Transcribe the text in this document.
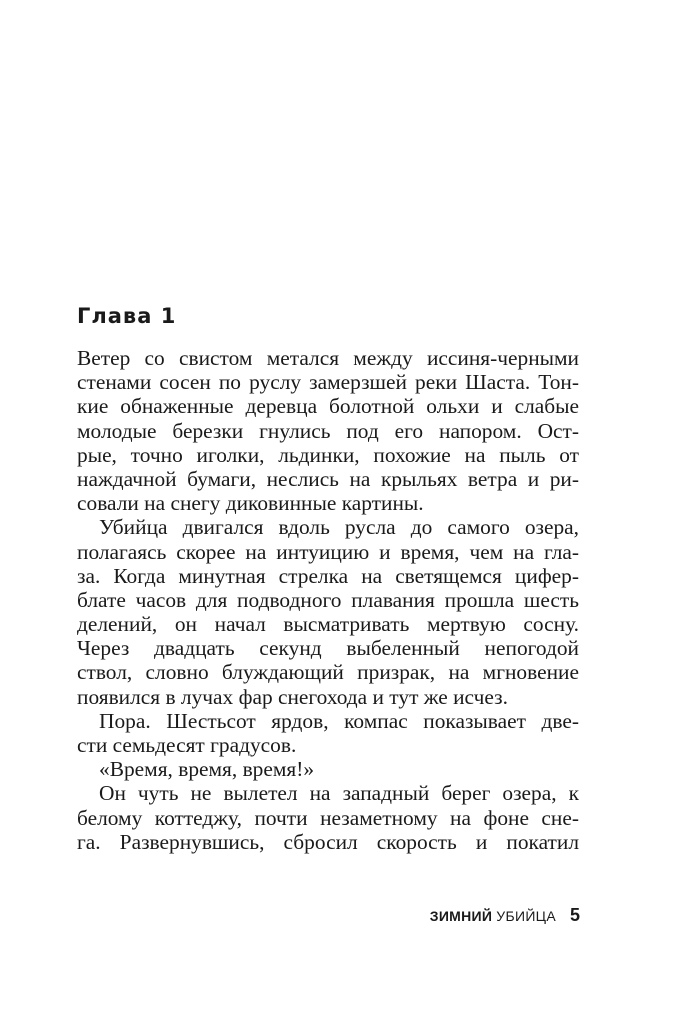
Глава 1
Ветер со свистом метался между иссиня-черными
стенами сосен по руслу замерзшей реки Шаста. Тон-
кие обнаженные деревца болотной ольхи и слабые
молодые березки гнулись под его напором. Ост-
рые, точно иголки, льдинки, похожие на пыль от
наждачной бумаги, неслись на крыльях ветра и ри-
совали на снегу диковинные картины.
Убийца двигался вдоль русла до самого озера,
полагаясь скорее на интуицию и время, чем на гла-
за. Когда минутная стрелка на светящемся цифер-
блате часов для подводного плавания прошла шесть
делений, он начал высматривать мертвую сосну.
Через двадцать секунд выбеленный непогодой
ствол, словно блуждающий призрак, на мгновение
появился в лучах фар снегохода и тут же исчез.
Пора. Шестьсот ярдов, компас показывает две-
сти семьдесят градусов.
«Время, время, время!»
Он чуть не вылетел на западный берег озера, к
белому коттеджу, почти незаметному на фоне сне-
га. Развернувшись, сбросил скорость и покатил
ЗИМНИЙ УБИЙЦА 5
